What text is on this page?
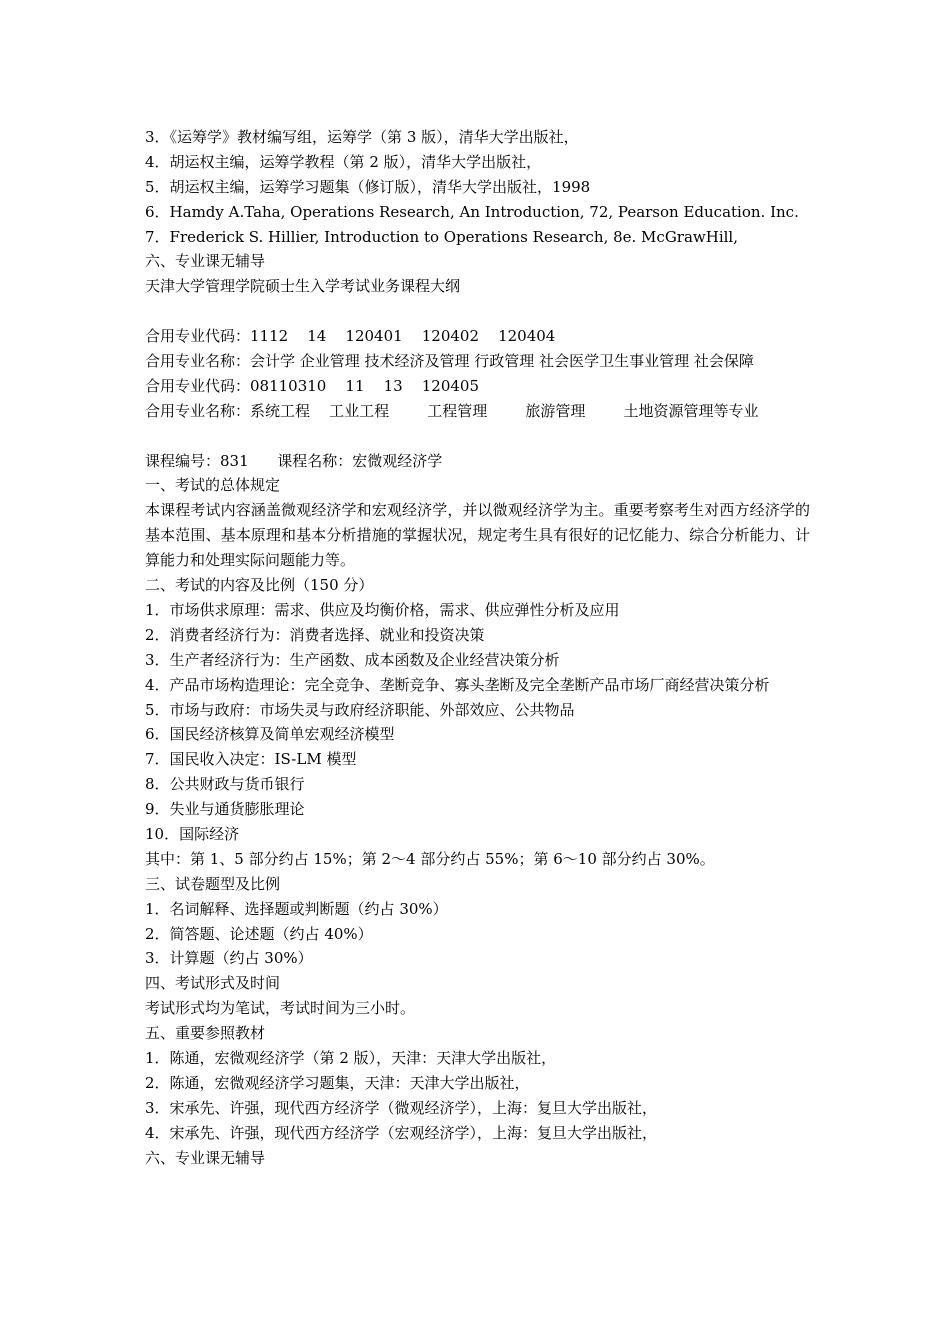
3．《运筹学》教材编写组，运筹学（第 3 版），清华大学出版社，
4．胡运权主编，运筹学教程（第 2 版），清华大学出版社，
5．胡运权主编，运筹学习题集（修订版），清华大学出版社，1998
6．Hamdy A.Taha, Operations Research, An Introduction, 72, Pearson Education. Inc.
7．Frederick S. Hillier, Introduction to Operations Research, 8e. McGrawHill,
六、专业课无辅导
天津大学管理学院硕士生入学考试业务课程大纲
合用专业代码：1112    14    120401    120402    120404
合用专业名称：会计学 企业管理 技术经济及管理 行政管理 社会医学卫生事业管理 社会保障
合用专业代码：08110310    11    13    120405
合用专业名称：系统工程    工业工程        工程管理        旅游管理        土地资源管理等专业
课程编号：831      课程名称：宏微观经济学
一、考试的总体规定
本课程考试内容涵盖微观经济学和宏观经济学，并以微观经济学为主。重要考察考生对西方经济学的基本范围、基本原理和基本分析措施的掌握状况，规定考生具有很好的记忆能力、综合分析能力、计算能力和处理实际问题能力等。
二、考试的内容及比例（150 分）
1．市场供求原理：需求、供应及均衡价格，需求、供应弹性分析及应用
2．消费者经济行为：消费者选择、就业和投资决策
3．生产者经济行为：生产函数、成本函数及企业经营决策分析
4．产品市场构造理论：完全竞争、垄断竞争、寡头垄断及完全垄断产品市场厂商经营决策分析
5．市场与政府：市场失灵与政府经济职能、外部效应、公共物品
6．国民经济核算及简单宏观经济模型
7．国民收入决定：IS-LM 模型
8．公共财政与货币银行
9．失业与通货膨胀理论
10．国际经济
其中：第 1、5 部分约占 15%；第 2～4 部分约占 55%；第 6～10 部分约占 30%。
三、试卷题型及比例
1．名词解释、选择题或判断题（约占 30%）
2．简答题、论述题（约占 40%）
3．计算题（约占 30%）
四、考试形式及时间
考试形式均为笔试，考试时间为三小时。
五、重要参照教材
1．陈通，宏微观经济学（第 2 版），天津：天津大学出版社，
2．陈通，宏微观经济学习题集，天津：天津大学出版社，
3．宋承先、许强，现代西方经济学（微观经济学），上海：复旦大学出版社，
4．宋承先、许强，现代西方经济学（宏观经济学），上海：复旦大学出版社，
六、专业课无辅导
